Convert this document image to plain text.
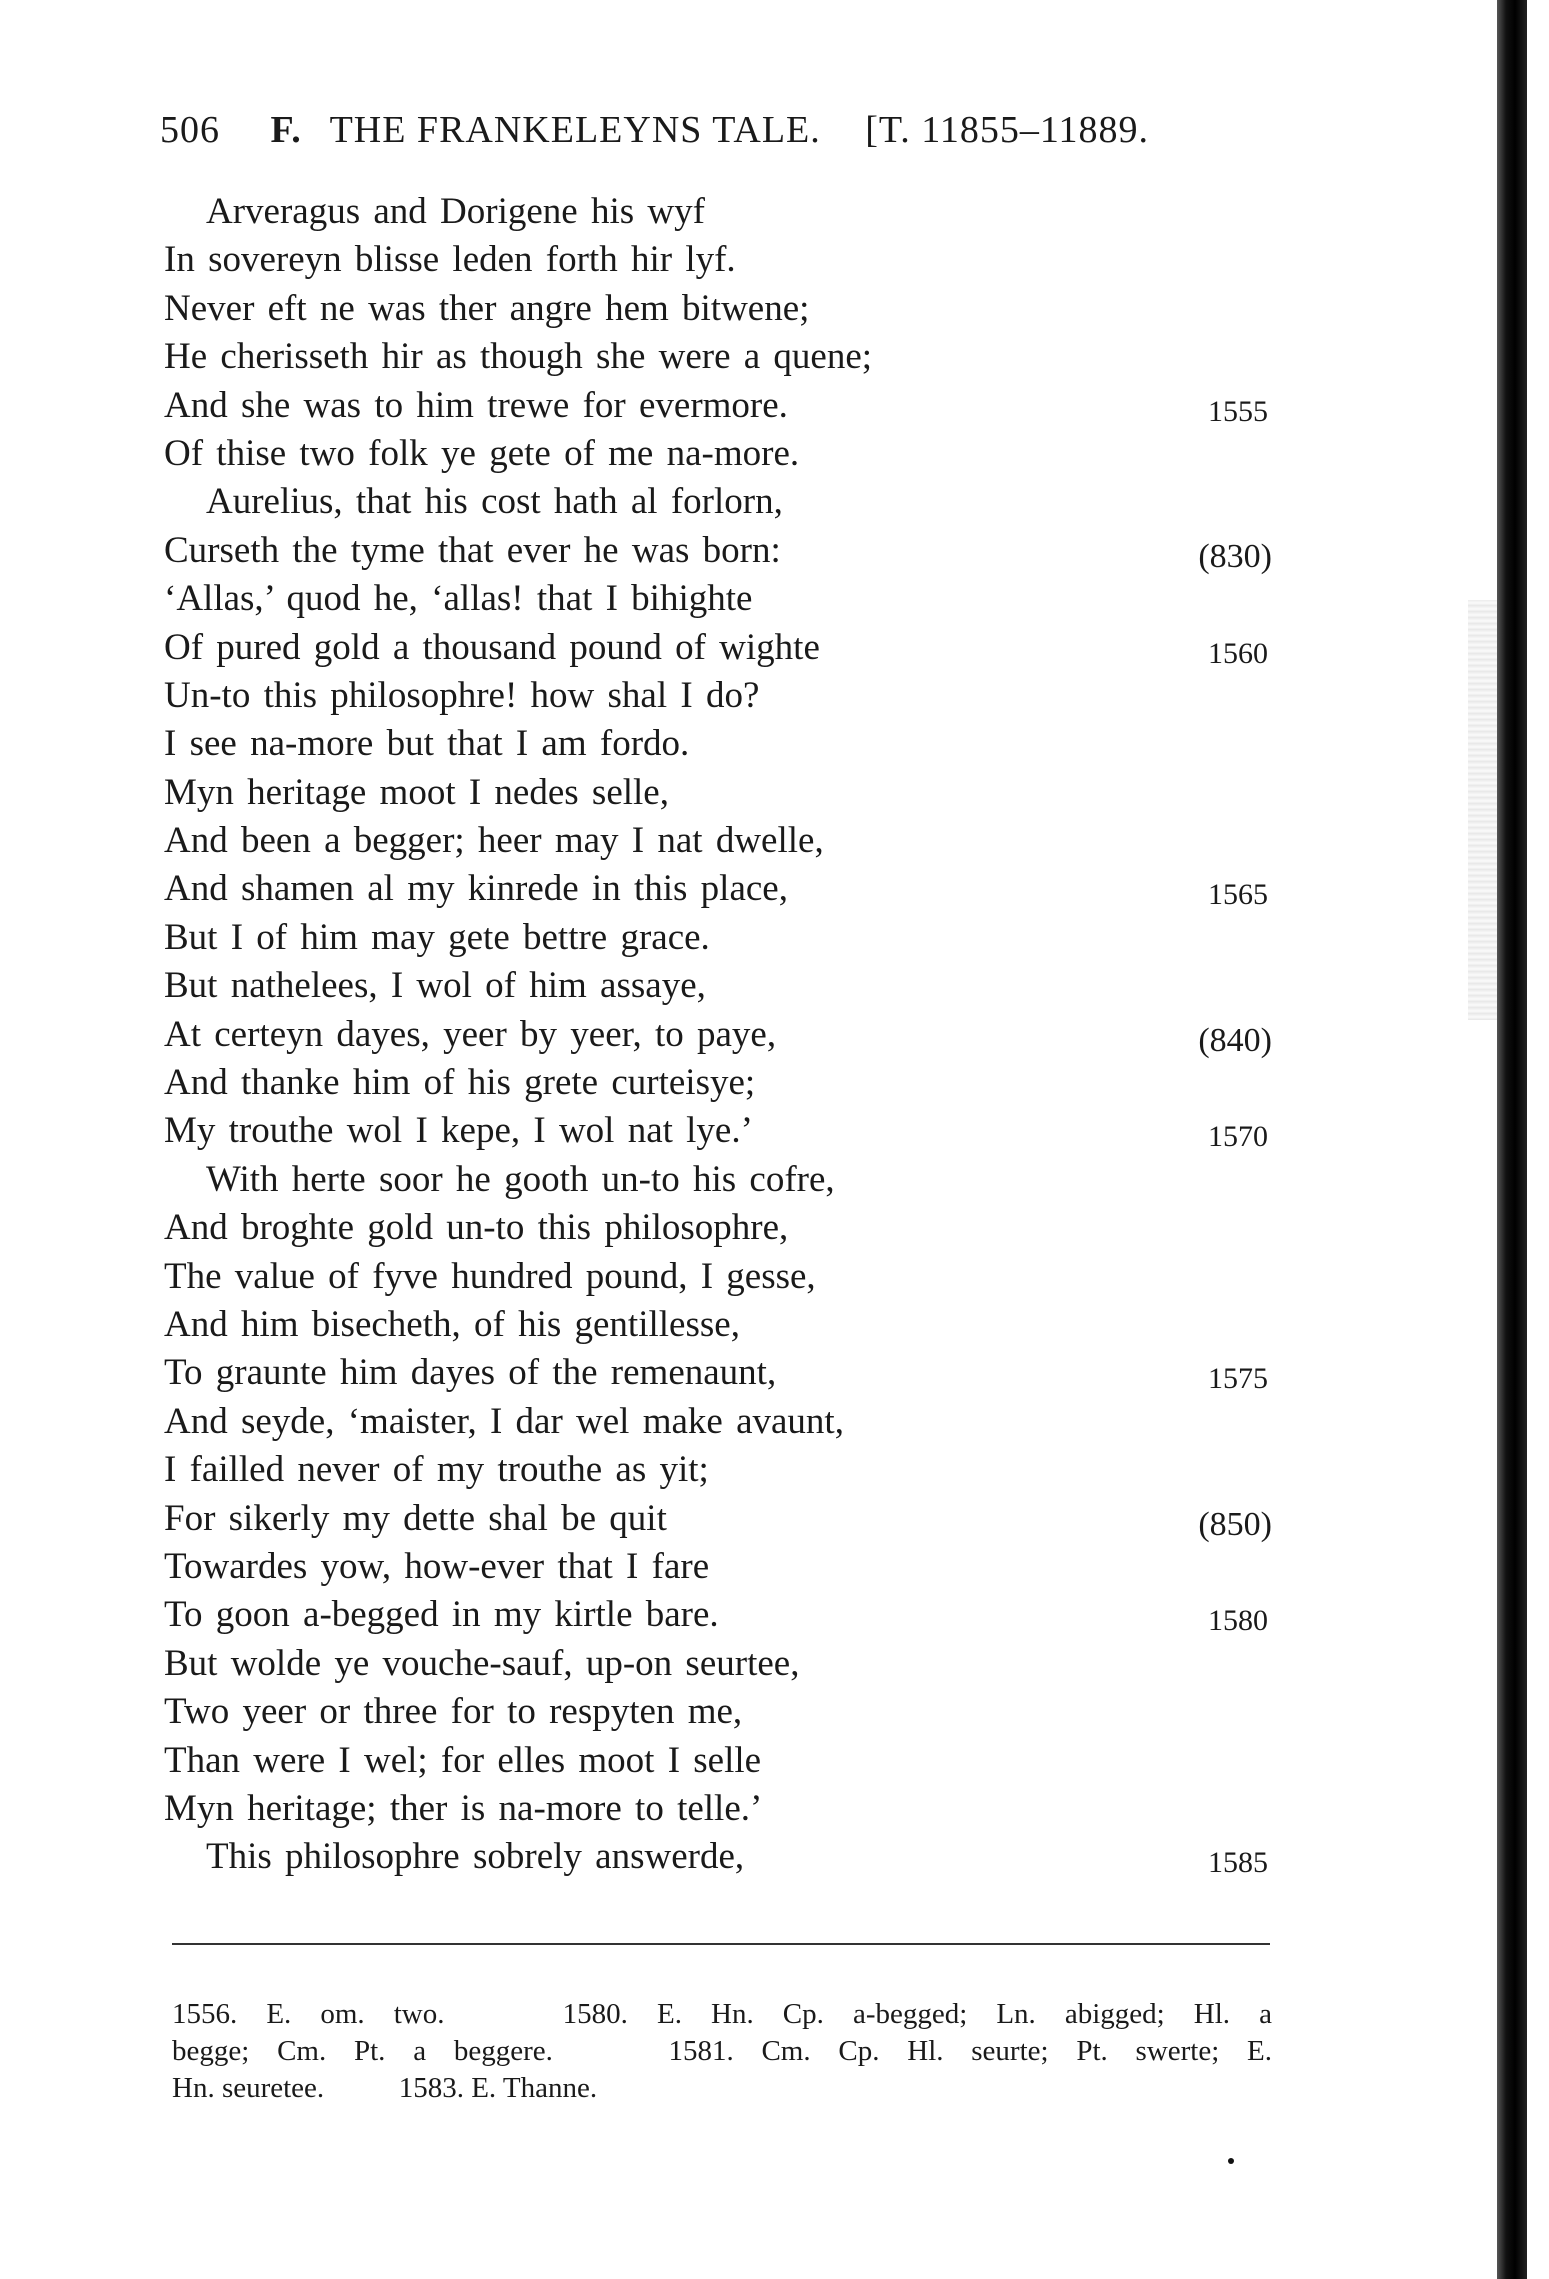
506 F. THE FRANKELEYNS TALE. [T. 11855–11889.
Arveragus and Dorigene his wyf
In sovereyn blisse leden forth hir lyf.
Never eft ne was ther angre hem bitwene;
He cherisseth hir as though she were a quene;
And she was to him trewe for evermore.	1555
Of thise two folk ye gete of me na-more.
Aurelius, that his cost hath al forlorn,
Curseth the tyme that ever he was born:	(830)
‘Allas,’ quod he, ‘allas! that I bihighte
Of pured gold a thousand pound of wighte	1560
Un-to this philosophre! how shal I do?
I see na-more but that I am fordo.
Myn heritage moot I nedes selle,
And been a begger; heer may I nat dwelle,
And shamen al my kinrede in this place,	1565
But I of him may gete bettre grace.
But nathelees, I wol of him assaye,
At certeyn dayes, yeer by yeer, to paye,	(840)
And thanke him of his grete curteisye;
My trouthe wol I kepe, I wol nat lye.’	1570
With herte soor he gooth un-to his cofre,
And broghte gold un-to this philosophre,
The value of fyve hundred pound, I gesse,
And him bisecheth, of his gentillesse,
To graunte him dayes of the remenaunt,	1575
And seyde, ‘maister, I dar wel make avaunt,
I failled never of my trouthe as yit;
For sikerly my dette shal be quit	(850)
Towardes yow, how-ever that I fare
To goon a-begged in my kirtle bare.	1580
But wolde ye vouche-sauf, up-on seurtee,
Two yeer or three for to respyten me,
Than were I wel; for elles moot I selle
Myn heritage; ther is na-more to telle.’
This philosophre sobrely answerde,	1585
1556. E. om. two.	1580. E. Hn. Cp. a-begged; Ln. abigged; Hl. a
begge; Cm. Pt. a beggere.	1581. Cm. Cp. Hl. seurte; Pt. swerte; E.
Hn. seuretee.	1583. E. Thanne.
